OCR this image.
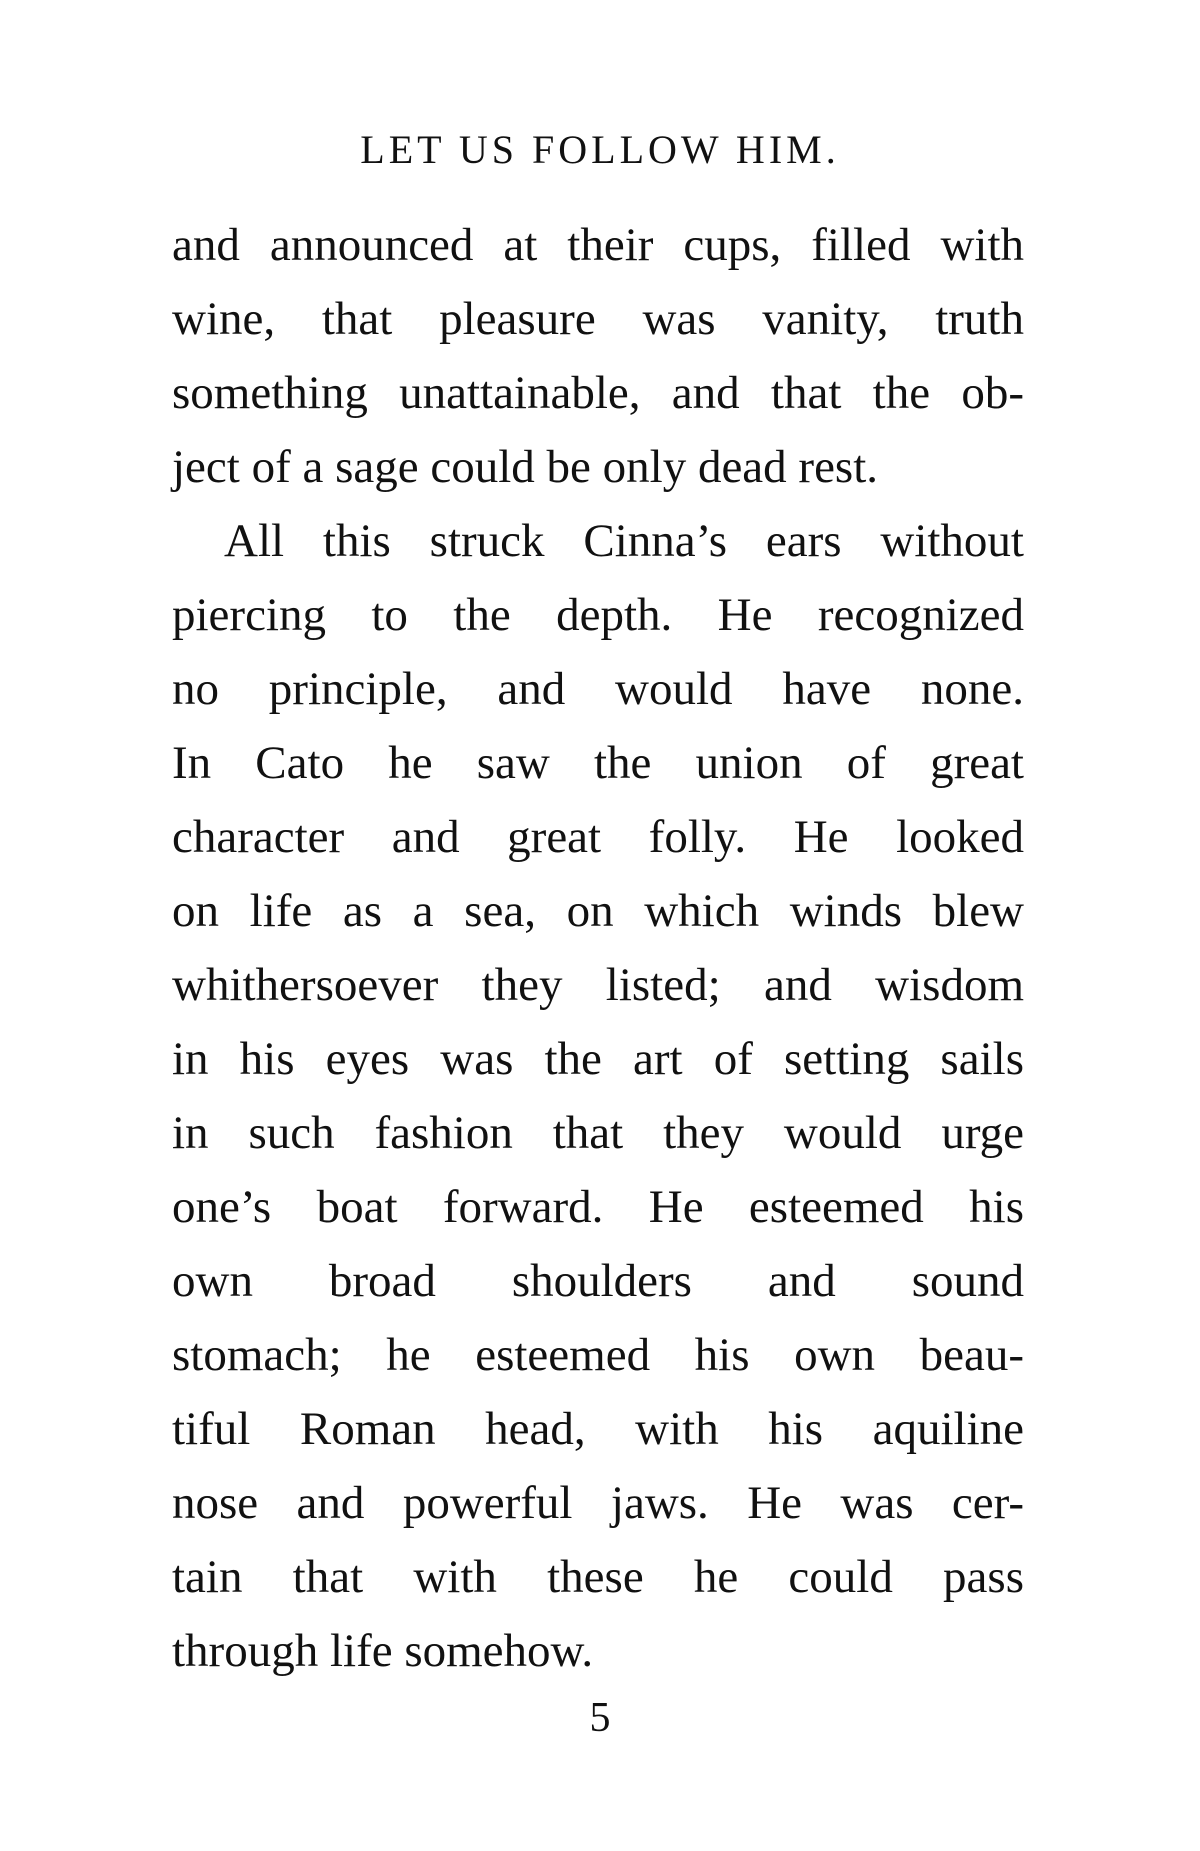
LET US FOLLOW HIM.
and announced at their cups, filled with
wine, that pleasure was vanity, truth
something unattainable, and that the ob-
ject of a sage could be only dead rest.
All this struck Cinna’s ears without
piercing to the depth. He recognized
no principle, and would have none.
In Cato he saw the union of great
character and great folly. He looked
on life as a sea, on which winds blew
whithersoever they listed; and wisdom
in his eyes was the art of setting sails
in such fashion that they would urge
one’s boat forward. He esteemed his
own broad shoulders and sound
stomach; he esteemed his own beau-
tiful Roman head, with his aquiline
nose and powerful jaws. He was cer-
tain that with these he could pass
through life somehow.
5
